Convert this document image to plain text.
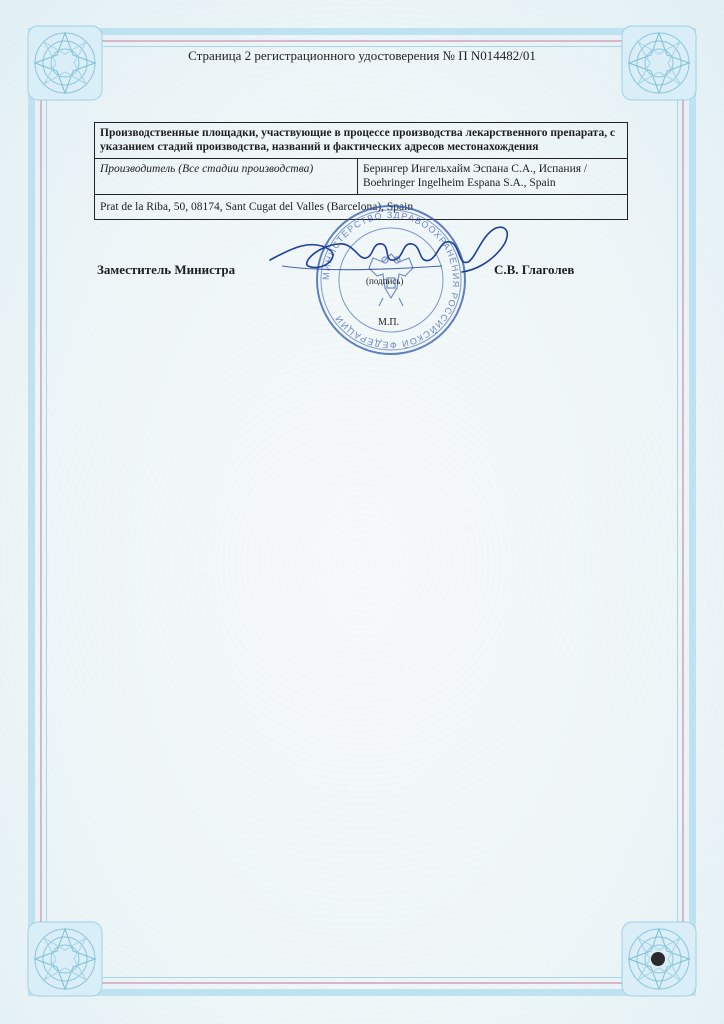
Страница 2 регистрационного удостоверения № П N014482/01
Производственные площадки, участвующие в процессе производства лекарственного препарата, с указанием стадий производства, названий и фактических адресов местонахождения
Производитель (Все стадии производства)	Берингер Ингельхайм Эспана С.А., Испания / Boehringer Ingelheim Espana S.A., Spain
Prat de la Riba, 50, 08174, Sant Cugat del Valles (Barcelona), Spain
МИНИСТЕРСТВО ЗДРАВООХРАНЕНИЯ РОССИЙСКОЙ ФЕДЕРАЦИИ
Заместитель Министра	С.В. Глаголев
(подпись)
М.П.
